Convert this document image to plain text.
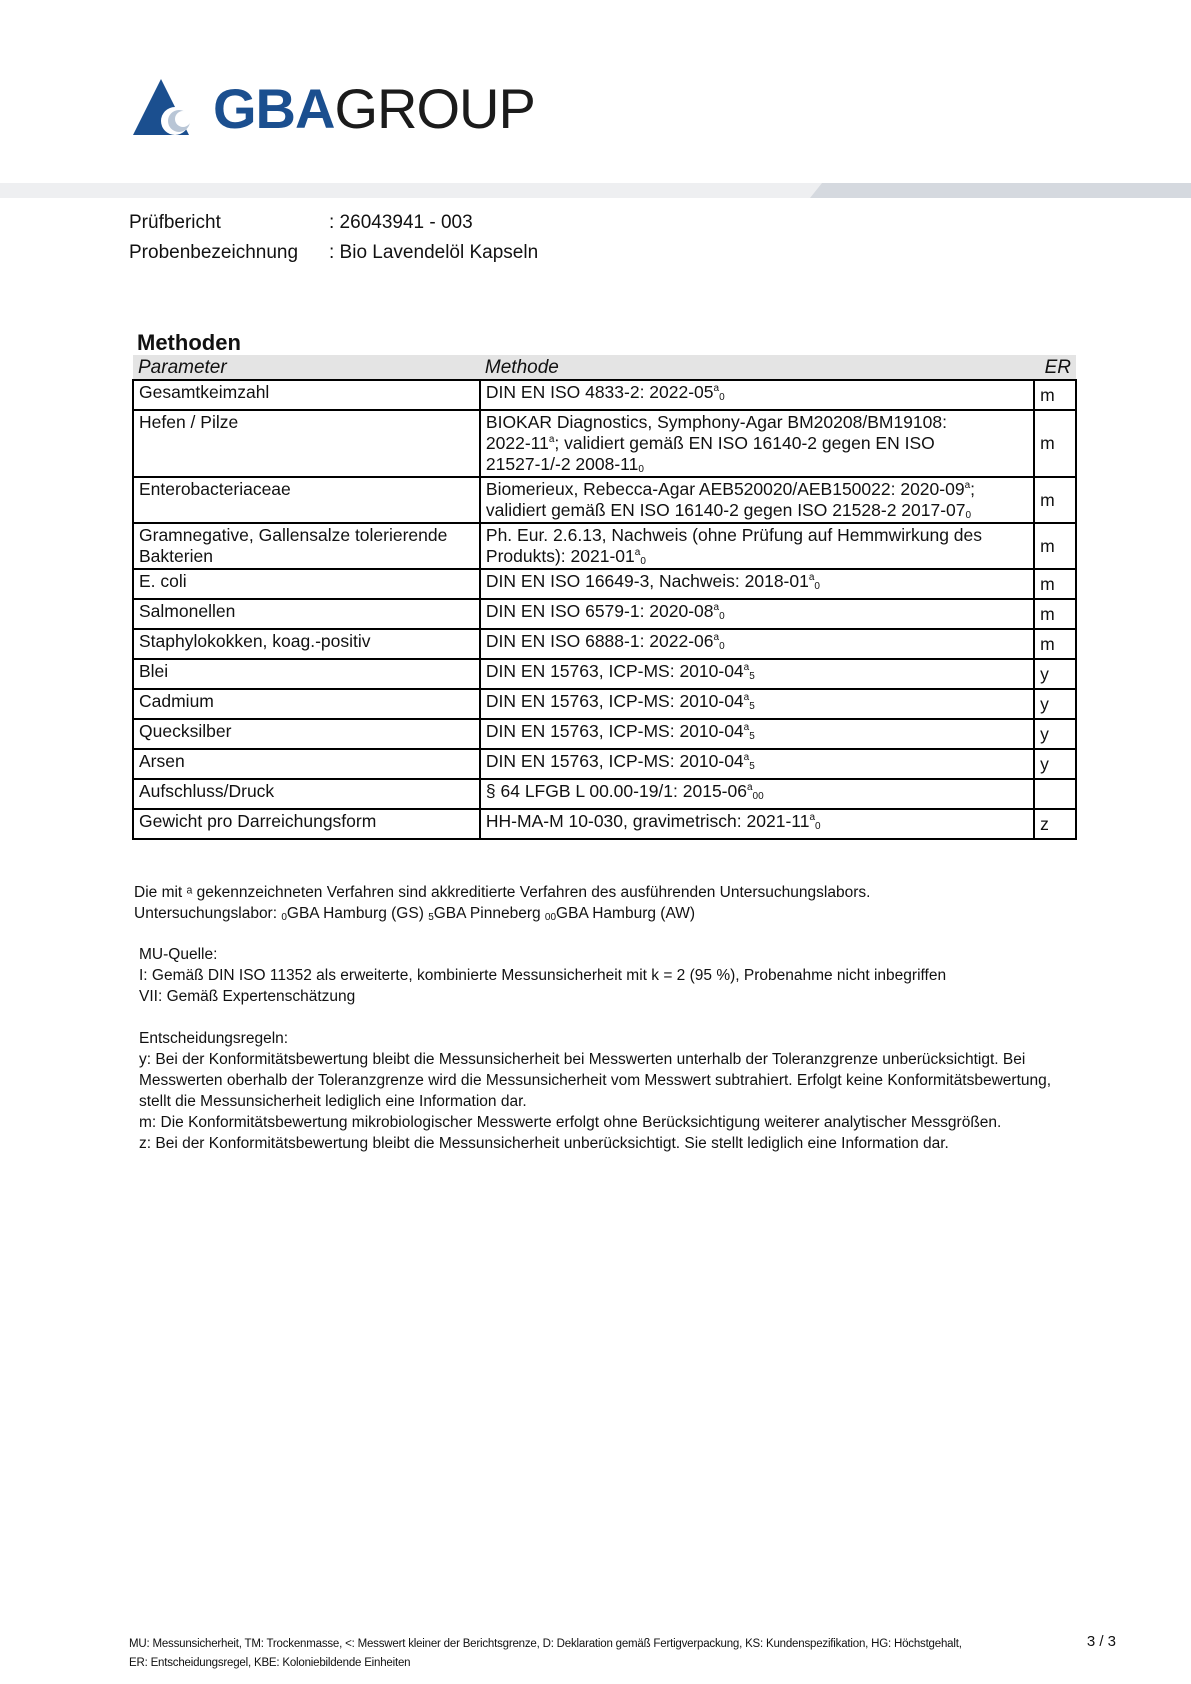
GBAGROUP
Prüfbericht	: 26043941 - 003
Probenbezeichnung	: Bio Lavendelöl Kapseln
Methoden
Parameter	Methode	ER
Gesamtkeimzahl	DIN EN ISO 4833-2: $2022-05^a_0$	m
Hefen / Pilze	BIOKAR Diagnostics, Symphony-Agar BM20208/BM19108:
2022-11$^a$; validiert gemäß EN ISO 16140-2 gegen EN ISO
21527-1/-2 $2008-11_0$	m
Enterobacteriaceae	Biomerieux, Rebecca-Agar AEB520020/AEB150022: 2020-09$^a$;
validiert gemäß EN ISO 16140-2 gegen ISO 21528-2 $2017-07_0$	m
Gramnegative, Gallensalze tolerierende
Bakterien	Ph. Eur. 2.6.13, Nachweis (ohne Prüfung auf Hemmwirkung des
Produkts): $2021-01^a_0$	m
E. coli	DIN EN ISO 16649-3, Nachweis: $2018-01^a_0$	m
Salmonellen	DIN EN ISO 6579-1: $2020-08^a_0$	m
Staphylokokken, koag.-positiv	DIN EN ISO 6888-1: $2022-06^a_0$	m
Blei	DIN EN 15763, ICP-MS: $2010-04^a_5$	y
Cadmium	DIN EN 15763, ICP-MS: $2010-04^a_5$	y
Quecksilber	DIN EN 15763, ICP-MS: $2010-04^a_5$	y
Arsen	DIN EN 15763, ICP-MS: $2010-04^a_5$	y
Aufschluss/Druck	§ 64 LFGB L 00.00-19/1: $2015-06^a_{00}$	
Gewicht pro Darreichungsform	HH-MA-M 10-030, gravimetrisch: $2021-11^a_0$	z

Die mit ᵃ gekennzeichneten Verfahren sind akkreditierte Verfahren des ausführenden Untersuchungslabors.

Untersuchungslabor: $_0$GBA Hamburg (GS) $_5$GBA Pinneberg $_{00}$GBA Hamburg (AW)

MU-Quelle:

I: Gemäß DIN ISO 11352 als erweiterte, kombinierte Messunsicherheit mit k = 2 (95 %), Probenahme nicht inbegriffen

VII: Gemäß Expertenschätzung

Entscheidungsregeln:

y: Bei der Konformitätsbewertung bleibt die Messunsicherheit bei Messwerten unterhalb der Toleranzgrenze unberücksichtigt. Bei Messwerten oberhalb der Toleranzgrenze wird die Messunsicherheit vom Messwert subtrahiert. Erfolgt keine Konformitätsbewertung, stellt die Messunsicherheit lediglich eine Information dar.

m: Die Konformitätsbewertung mikrobiologischer Messwerte erfolgt ohne Berücksichtigung weiterer analytischer Messgrößen.

z: Bei der Konformitätsbewertung bleibt die Messunsicherheit unberücksichtigt. Sie stellt lediglich eine Information dar.

MU: Messunsicherheit, TM: Trockenmasse, <: Messwert kleiner der Berichtsgrenze, D: Deklaration gemäß Fertigverpackung, KS: Kundenspezifikation, HG: Höchstgehalt,

ER: Entscheidungsregel, KBE: Koloniebildende Einheiten

3 / 3
